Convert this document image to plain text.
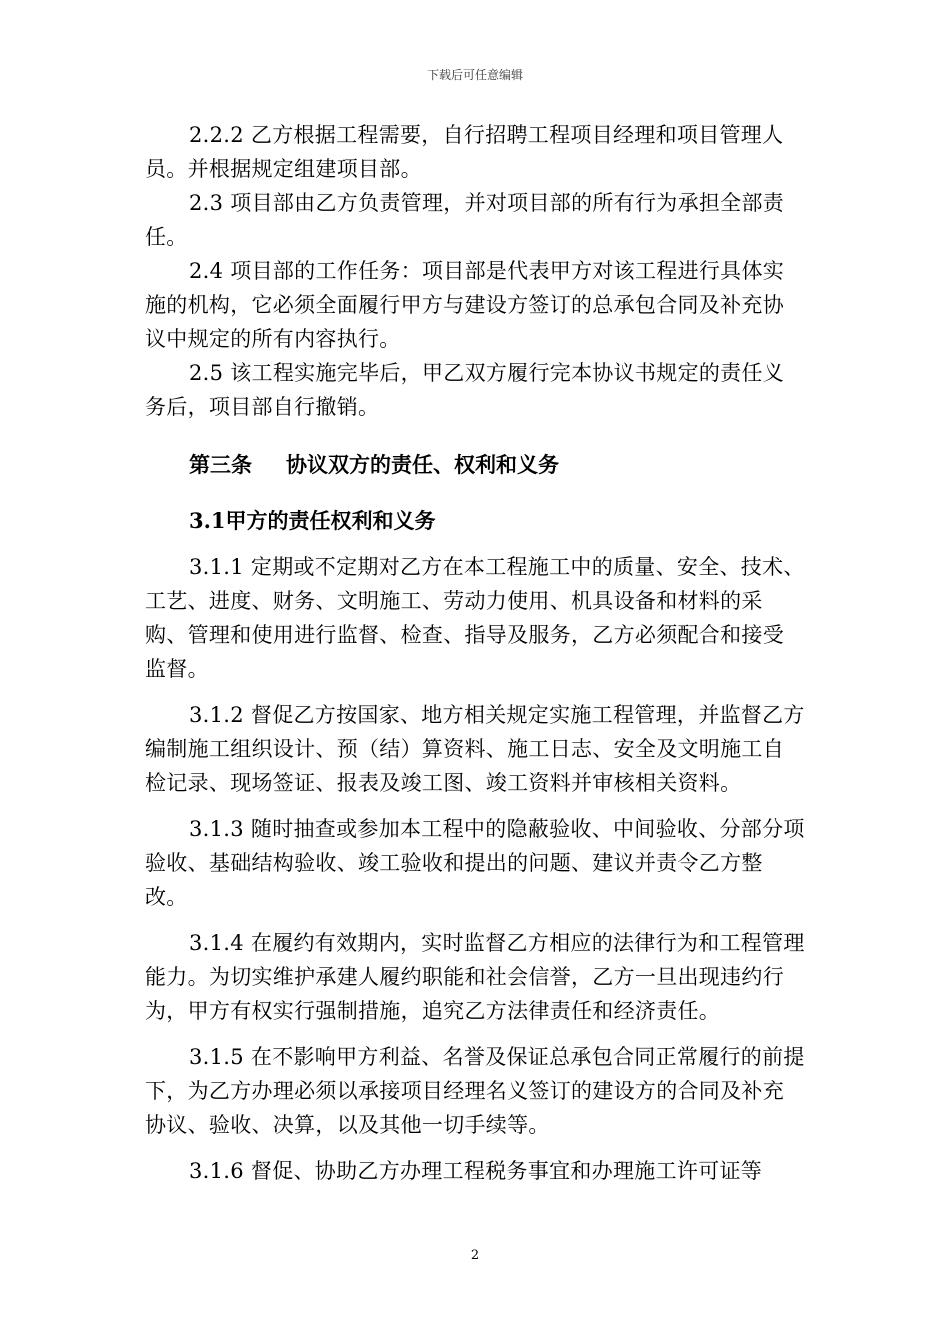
下载后可任意编辑

2.2.2 乙方根据工程需要，自行招聘工程项目经理和项目管理人员。并根据规定组建项目部。

2.3 项目部由乙方负责管理，并对项目部的所有行为承担全部责任。

2.4 项目部的工作任务：项目部是代表甲方对该工程进行具体实施的机构，它必须全面履行甲方与建设方签订的总承包合同及补充协议中规定的所有内容执行。

2.5 该工程实施完毕后，甲乙双方履行完本协议书规定的责任义务后，项目部自行撤销。

第三条 协议双方的责任、权利和义务

3.1甲方的责任权利和义务

3.1.1 定期或不定期对乙方在本工程施工中的质量、安全、技术、工艺、进度、财务、文明施工、劳动力使用、机具设备和材料的采购、管理和使用进行监督、检查、指导及服务，乙方必须配合和接受监督。

3.1.2 督促乙方按国家、地方相关规定实施工程管理，并监督乙方编制施工组织设计、预（结）算资料、施工日志、安全及文明施工自检记录、现场签证、报表及竣工图、竣工资料并审核相关资料。

3.1.3 随时抽查或参加本工程中的隐蔽验收、中间验收、分部分项验收、基础结构验收、竣工验收和提出的问题、建议并责令乙方整改。

3.1.4 在履约有效期内，实时监督乙方相应的法律行为和工程管理能力。为切实维护承建人履约职能和社会信誉，乙方一旦出现违约行为，甲方有权实行强制措施，追究乙方法律责任和经济责任。

3.1.5 在不影响甲方利益、名誉及保证总承包合同正常履行的前提下，为乙方办理必须以承接项目经理名义签订的建设方的合同及补充协议、验收、决算，以及其他一切手续等。

3.1.6 督促、协助乙方办理工程税务事宜和办理施工许可证等

2
